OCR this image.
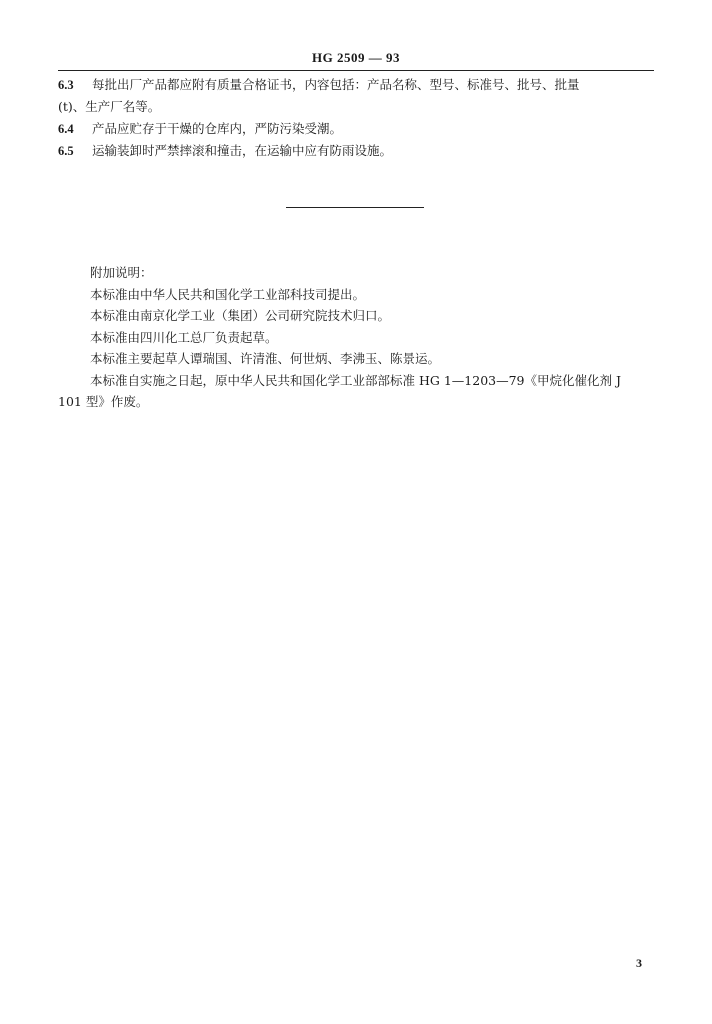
HG 2509 — 93
6.3 每批出厂产品都应附有质量合格证书，内容包括：产品名称、型号、标准号、批号、批量
(t)、生产厂名等。
6.4 产品应贮存于干燥的仓库内，严防污染受潮。
6.5 运输装卸时严禁摔滚和撞击，在运输中应有防雨设施。
附加说明：
本标准由中华人民共和国化学工业部科技司提出。
本标准由南京化学工业（集团）公司研究院技术归口。
本标准由四川化工总厂负责起草。
本标准主要起草人谭瑞国、许清淮、何世炳、李沸玉、陈景运。
本标准自实施之日起，原中华人民共和国化学工业部部标准 HG 1—1203—79《甲烷化催化剂 J
101 型》作废。
3
